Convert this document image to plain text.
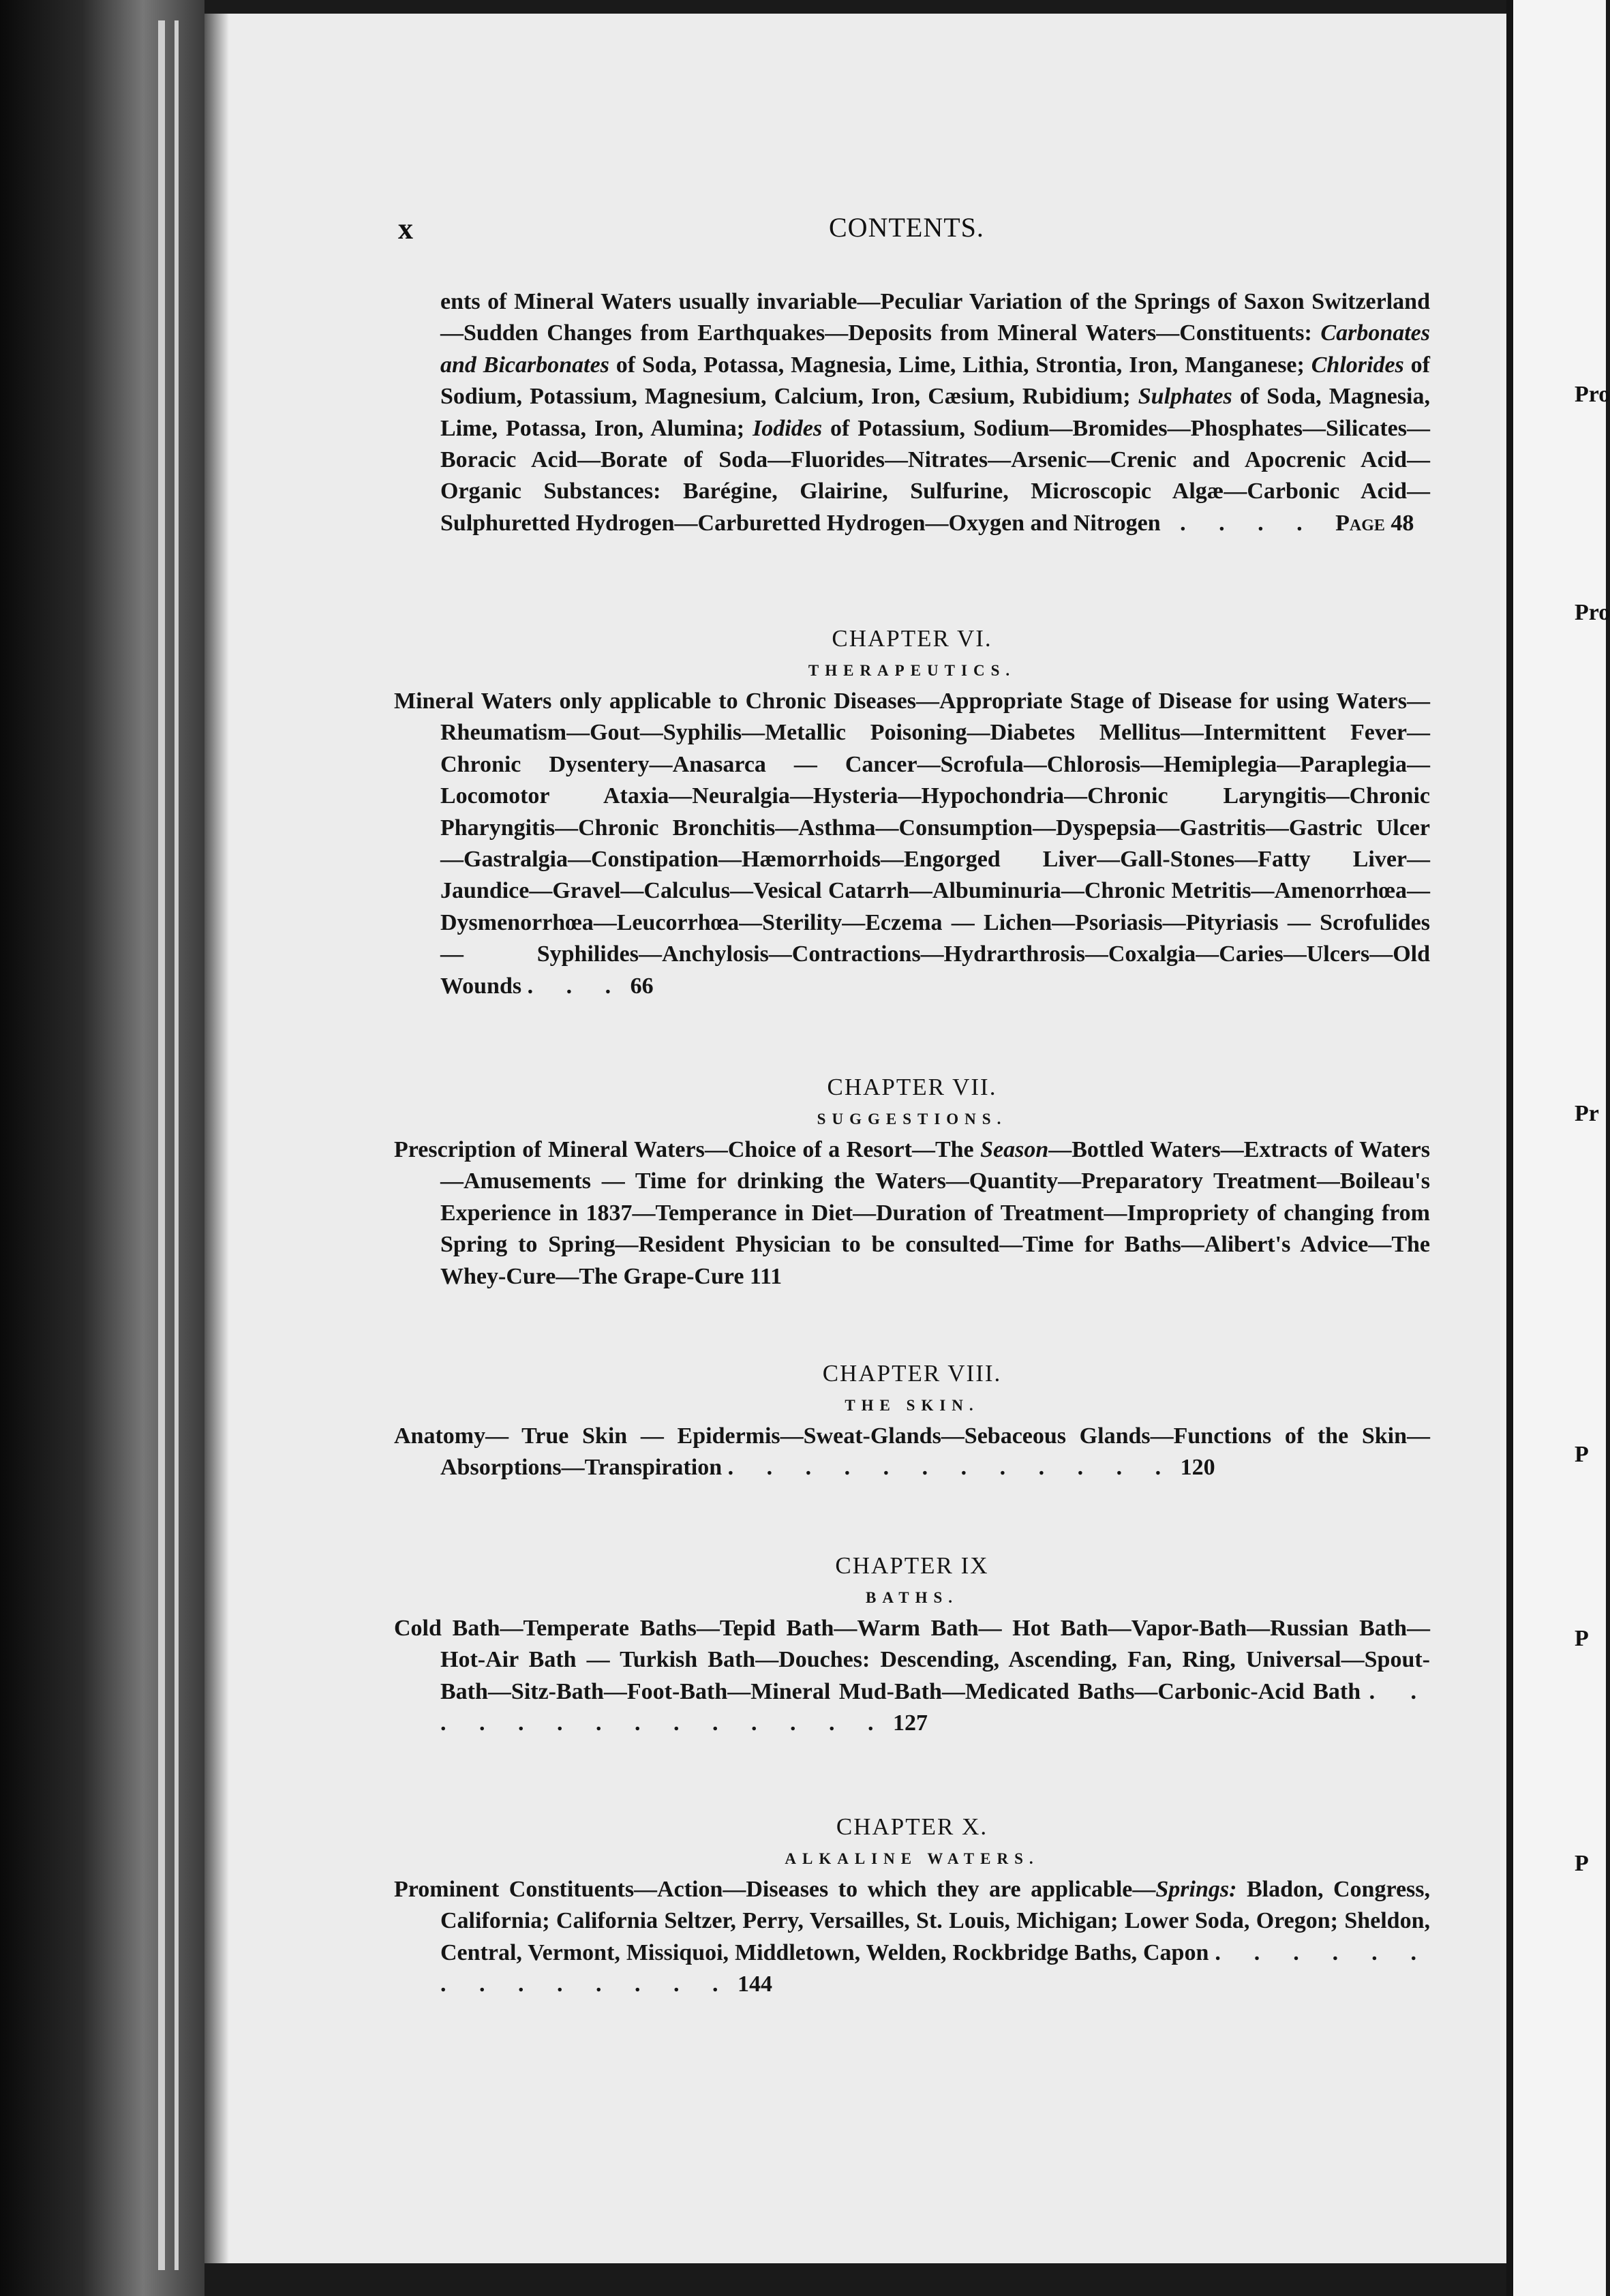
Pro
Pro
Pr
P
P
P
x	CONTENTS.

ents of Mineral Waters usually invariable—Peculiar Variation of the Springs of Saxon Switzerland—Sudden Changes from Earthquakes—Deposits from Mineral Waters—Constituents: Carbonates and Bicarbonates of Soda, Potassa, Magnesia, Lime, Lithia, Strontia, Iron, Manganese; Chlorides of Sodium, Potassium, Magnesium, Calcium, Iron, Cæsium, Rubidium; Sulphates of Soda, Magnesia, Lime, Potassa, Iron, Alumina; Iodides of Potassium, Sodium—Bromides—Phosphates—Silicates—Boracic Acid—Borate of Soda—Fluorides—Nitrates—Arsenic—Crenic and Apocrenic Acid—Organic Substances: Barégine, Glairine, Sulfurine, Microscopic Algæ—Carbonic Acid—Sulphuretted Hydrogen—Carburetted Hydrogen—Oxygen and Nitrogen . . . . Page 48

CHAPTER VI.

THERAPEUTICS.

Mineral Waters only applicable to Chronic Diseases—Appropriate Stage of Disease for using Waters—Rheumatism—Gout—Syphilis—Metallic Poisoning—Diabetes Mellitus—Intermittent Fever—Chronic Dysentery—Anasarca — Cancer—Scrofula—Chlorosis—Hemiplegia—Paraplegia—Locomotor Ataxia—Neuralgia—Hysteria—Hypochondria—Chronic Laryngitis—Chronic Pharyngitis—Chronic Bronchitis—Asthma—Consumption—Dyspepsia—Gastritis—Gastric Ulcer—Gastralgia—Constipation—Hæmorrhoids—Engorged Liver—Gall-Stones—Fatty Liver—Jaundice—Gravel—Calculus—Vesical Catarrh—Albuminuria—Chronic Metritis—Amenorrhœa—Dysmenorrhœa—Leucorrhœa—Sterility—Eczema — Lichen—Psoriasis—Pityriasis — Scrofulides — Syphilides—Anchylosis—Contractions—Hydrarthrosis—Coxalgia—Caries—Ulcers—Old Wounds . . . 66

CHAPTER VII.

SUGGESTIONS.

Prescription of Mineral Waters—Choice of a Resort—The Season—Bottled Waters—Extracts of Waters—Amusements — Time for drinking the Waters—Quantity—Preparatory Treatment—Boileau's Experience in 1837—Temperance in Diet—Duration of Treatment—Impropriety of changing from Spring to Spring—Resident Physician to be consulted—Time for Baths—Alibert's Advice—The Whey-Cure—The Grape-Cure 111

CHAPTER VIII.

THE SKIN.

Anatomy— True Skin — Epidermis—Sweat-Glands—Sebaceous Glands—Functions of the Skin—Absorptions—Transpiration . . . . . . . . . . . . 120

CHAPTER IX

BATHS.

Cold Bath—Temperate Baths—Tepid Bath—Warm Bath— Hot Bath—Vapor-Bath—Russian Bath—Hot-Air Bath — Turkish Bath—Douches: Descending, Ascending, Fan, Ring, Universal—Spout-Bath—Sitz-Bath—Foot-Bath—Mineral Mud-Bath—Medicated Baths—Carbonic-Acid Bath . . . . . . . . . . . . . . 127

CHAPTER X.

ALKALINE WATERS.

Prominent Constituents—Action—Diseases to which they are applicable—Springs: Bladon, Congress, California; California Seltzer, Perry, Versailles, St. Louis, Michigan; Lower Soda, Oregon; Sheldon, Central, Vermont, Missiquoi, Middletown, Welden, Rockbridge Baths, Capon . . . . . . . . . . . . . . 144
